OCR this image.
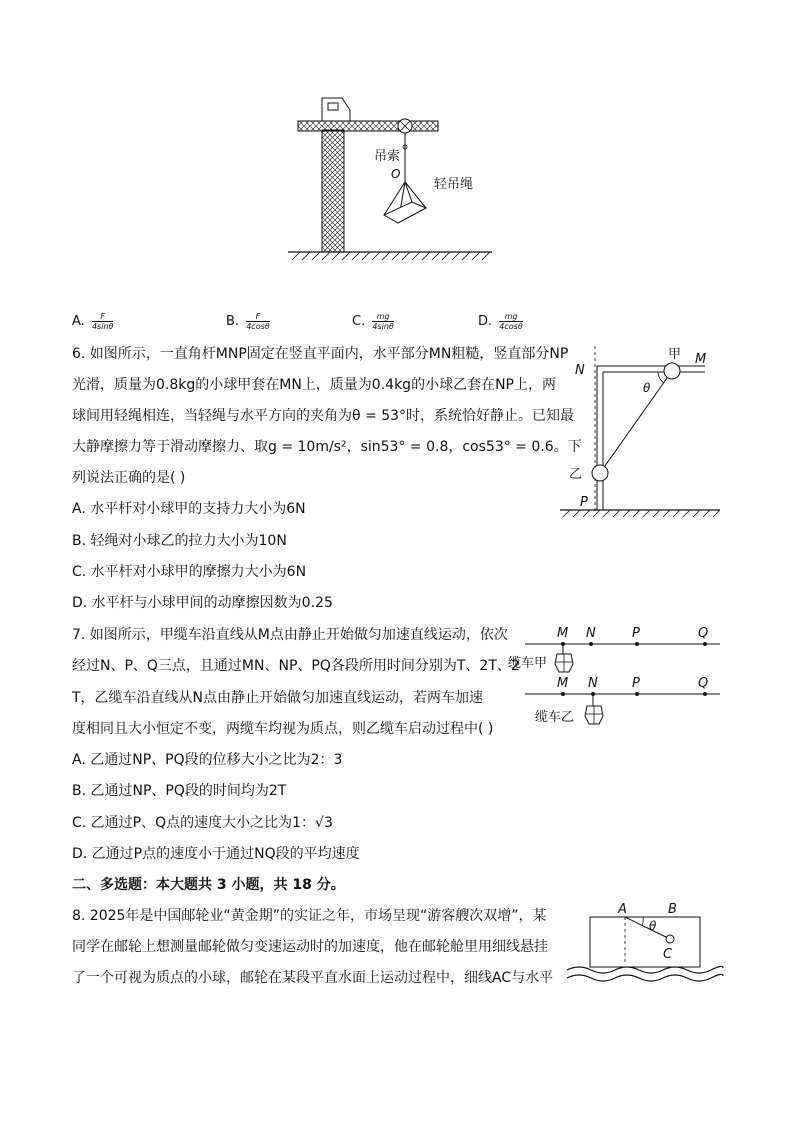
吊索
O
轻吊绳
A. $\frac{F}{4\sin\theta}$	B. $\frac{F}{4\cos\theta}$	C. $\frac{mg}{4\sin\theta}$	D. $\frac{mg}{4\cos\theta}$
6. 如图所示，一直角杆MNP固定在竖直平面内，水平部分MN粗糙，竖直部分NP
光滑，质量为0.8kg的小球甲套在MN上，质量为0.4kg的小球乙套在NP上，两
球间用轻绳相连，当轻绳与水平方向的夹角为θ = 53°时，系统恰好静止。已知最
大静摩擦力等于滑动摩擦力、取g = 10m/s²，sin53° = 0.8，cos53° = 0.6。下
列说法正确的是( )
A. 水平杆对小球甲的支持力大小为6N
B. 轻绳对小球乙的拉力大小为10N
C. 水平杆对小球甲的摩擦力大小为6N
D. 水平杆与小球甲间的动摩擦因数为0.25
N
M
甲
θ
乙
P
7. 如图所示，甲缆车沿直线从M点由静止开始做匀加速直线运动，依次
经过N、P、Q三点，且通过MN、NP、PQ各段所用时间分别为T、2T、2
T，乙缆车沿直线从N点由静止开始做匀加速直线运动，若两车加速
度相同且大小恒定不变，两缆车均视为质点，则乙缆车启动过程中( )
A. 乙通过NP、PQ段的位移大小之比为2：3
B. 乙通过NP、PQ段的时间均为2T
C. 乙通过P、Q点的速度大小之比为1：√3
D. 乙通过P点的速度小于通过NQ段的平均速度
M N	P	Q
缆车甲
M N	P	Q
缆车乙
二、多选题：本大题共 3 小题，共 18 分。
8. 2025年是中国邮轮业“黄金期”的实证之年，市场呈现“游客艘次双增”，某
同学在邮轮上想测量邮轮做匀变速运动时的加速度，他在邮轮舱里用细线悬挂
了一个可视为质点的小球，邮轮在某段平直水面上运动过程中，细线AC与水平
A	B
θ
C
